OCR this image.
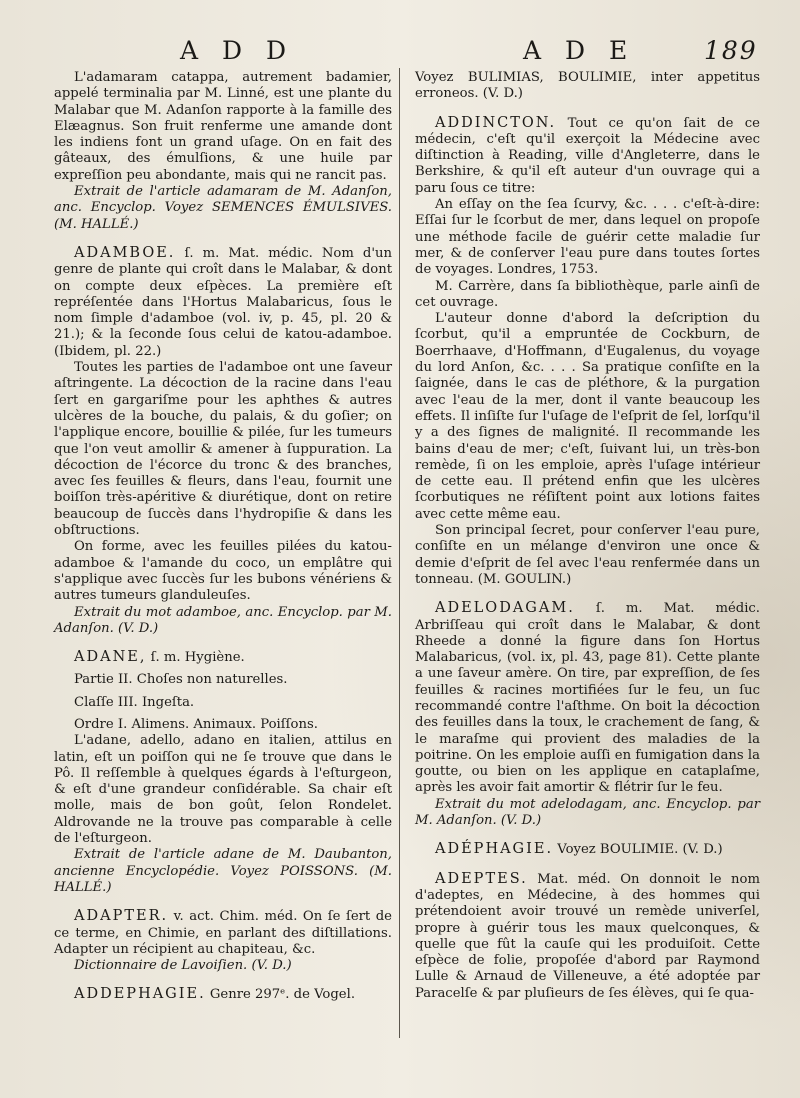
A D D	A D E	189

L'adamaram catappa, autrement badamier, appelé terminalia par M. Linné, est une plante du Malabar que M. Adanſon rapporte à la famille des Elæagnus. Son fruit renferme une amande dont les indiens font un grand uſage. On en fait des gâteaux, des émulſions, & une huile par expreſſion peu abondante, mais qui ne rancit pas.

Extrait de l'article adamaram de M. Adanſon, anc. Encyclop. Voyez SEMENCES ÉMULSIVES. (M. HALLÉ.)

ADAMBOE. ſ. m. Mat. médic. Nom d'un genre de plante qui croît dans le Malabar, & dont on compte deux eſpèces. La première eſt repréſentée dans l'Hortus Malabaricus, ſous le nom ſimple d'adamboe (vol. iv, p. 45, pl. 20 & 21.); & la ſeconde ſous celui de katou-adamboe. (Ibidem, pl. 22.)

Toutes les parties de l'adamboe ont une ſaveur aſtringente. La décoction de la racine dans l'eau ſert en gargariſme pour les aphthes & autres ulcères de la bouche, du palais, & du goſier; on l'applique encore, bouillie & pilée, ſur les tumeurs que l'on veut amollir & amener à ſuppuration. La décoction de l'écorce du tronc & des branches, avec ſes feuilles & fleurs, dans l'eau, fournit une boiſſon très-apéritive & diurétique, dont on retire beaucoup de ſuccès dans l'hydropiſie & dans les obſtructions.

On forme, avec les feuilles pilées du katou-adamboe & l'amande du coco, un emplâtre qui s'applique avec ſuccès ſur les bubons vénériens & autres tumeurs glanduleuſes.

Extrait du mot adamboe, anc. Encyclop. par M. Adanſon. (V. D.)

ADANE, ſ. m. Hygiène.

Partie II. Choſes non naturelles.

Claſſe III. Ingeſta.

Ordre I. Alimens. Animaux. Poiſſons.

L'adane, adello, adano en italien, attilus en latin, eſt un poiſſon qui ne ſe trouve que dans le Pô. Il reſſemble à quelques égards à l'eſturgeon, & eſt d'une grandeur conſidérable. Sa chair eſt molle, mais de bon goût, ſelon Rondelet. Aldrovande ne la trouve pas comparable à celle de l'eſturgeon.

Extrait de l'article adane de M. Daubanton, ancienne Encyclopédie. Voyez POISSONS. (M. HALLÉ.)

ADAPTER. v. act. Chim. méd. On ſe ſert de ce terme, en Chimie, en parlant des diſtillations. Adapter un récipient au chapiteau, &c.

Dictionnaire de Lavoiſien. (V. D.)

ADDEPHAGIE. Genre 297ᵉ. de Vogel.

Voyez BULIMIAS, BOULIMIE, inter appetitus erroneos. (V. D.)

ADDINCTON. Tout ce qu'on ſait de ce médecin, c'eſt qu'il exerçoit la Médecine avec diſtinction à Reading, ville d'Angleterre, dans le Berkshire, & qu'il eſt auteur d'un ouvrage qui a paru ſous ce titre:

An eſſay on the ſea ſcurvy, &c. . . . c'eſt-à-dire: Eſſai ſur le ſcorbut de mer, dans lequel on propoſe une méthode facile de guérir cette maladie ſur mer, & de conſerver l'eau pure dans toutes ſortes de voyages. Londres, 1753.

M. Carrère, dans ſa bibliothèque, parle ainſi de cet ouvrage.

L'auteur donne d'abord la deſcription du ſcorbut, qu'il a empruntée de Cockburn, de Boerrhaave, d'Hoffmann, d'Eugalenus, du voyage du lord Anſon, &c. . . . Sa pratique conſiſte en la ſaignée, dans le cas de pléthore, & la purgation avec l'eau de la mer, dont il vante beaucoup les effets. Il inſiſte ſur l'uſage de l'eſprit de ſel, lorſqu'il y a des ſignes de malignité. Il recommande les bains d'eau de mer; c'eſt, ſuivant lui, un très-bon remède, ſi on les emploie, après l'uſage intérieur de cette eau. Il prétend enfin que les ulcères ſcorbutiques ne réſiſtent point aux lotions faites avec cette même eau.

Son principal ſecret, pour conſerver l'eau pure, conſiſte en un mélange d'environ une once & demie d'eſprit de ſel avec l'eau renfermée dans un tonneau. (M. GOULIN.)

ADELODAGAM. ſ. m. Mat. médic. Arbriſſeau qui croît dans le Malabar, & dont Rheede a donné la figure dans ſon Hortus Malabaricus, (vol. ix, pl. 43, page 81). Cette plante a une ſaveur amère. On tire, par expreſſion, de ſes feuilles & racines mortifiées ſur le feu, un ſuc recommandé contre l'aſthme. On boit la décoction des feuilles dans la toux, le crachement de ſang, & le maraſme qui provient des maladies de la poitrine. On les emploie auſſi en fumigation dans la goutte, ou bien on les applique en cataplaſme, après les avoir fait amortir & flétrir ſur le feu.

Extrait du mot adelodagam, anc. Encyclop. par M. Adanſon. (V. D.)

ADÉPHAGIE. Voyez BOULIMIE. (V. D.)

ADEPTES. Mat. méd. On donnoit le nom d'adeptes, en Médecine, à des hommes qui prétendoient avoir trouvé un remède univerſel, propre à guérir tous les maux quelconques, & quelle que fût la cauſe qui les produiſoit. Cette eſpèce de folie, propoſée d'abord par Raymond Lulle & Arnaud de Villeneuve, a été adoptée par Paracelſe & par pluſieurs de ſes élèves, qui ſe qua-
